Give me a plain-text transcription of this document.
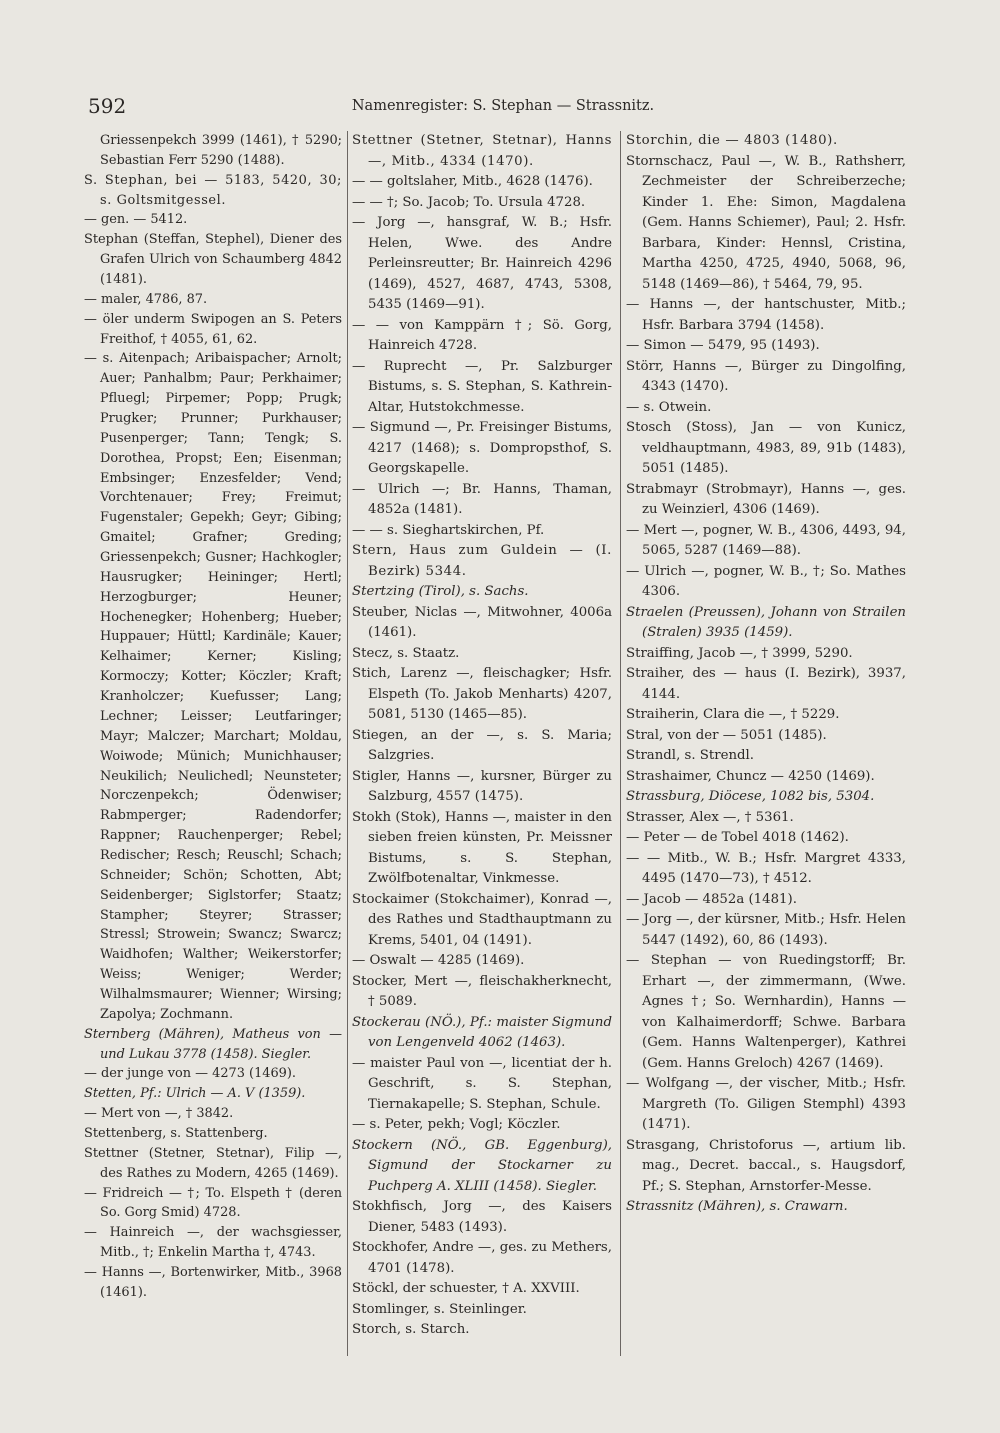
592	Namenregister: S. Stephan — Strassnitz.

Griessenpekch 3999 (1461), † 5290; Sebastian Ferr 5290 (1488).

S. Stephan, bei — 5183, 5420, 30; s. Goltsmitgessel.

— gen. — 5412.

Stephan (Steffan, Stephel), Diener des Grafen Ulrich von Schaumberg 4842 (1481).

— maler, 4786, 87.

— öler underm Swipogen an S. Peters Freithof, † 4055, 61, 62.

— s. Aitenpach; Aribaispacher; Arnolt; Auer; Panhalbm; Paur; Perkhaimer; Pfluegl; Pirpemer; Popp; Prugk; Prugker; Prunner; Purkhauser; Pusenperger; Tann; Tengk; S. Dorothea, Propst; Een; Eisenman; Embsinger; Enzesfelder; Vend; Vorchtenauer; Frey; Freimut; Fugenstaler; Gepekh; Geyr; Gibing; Gmaitel; Grafner; Greding; Griessenpekch; Gusner; Hachkogler; Hausrugker; Heininger; Hertl; Herzogburger; Heuner; Hochenegker; Hohenberg; Hueber; Huppauer; Hüttl; Kardinäle; Kauer; Kelhaimer; Kerner; Kisling; Kormoczy; Kotter; Köczler; Kraft; Kranholczer; Kuefusser; Lang; Lechner; Leisser; Leutfaringer; Mayr; Malczer; Marchart; Moldau, Woiwode; Münich; Munichhauser; Neukilich; Neulichedl; Neunsteter; Norczenpekch; Ödenwiser; Rabmperger; Radendorfer; Rappner; Rauchenperger; Rebel; Redischer; Resch; Reuschl; Schach; Schneider; Schön; Schotten, Abt; Seidenberger; Siglstorfer; Staatz; Stampher; Steyrer; Strasser; Stressl; Strowein; Swancz; Swarcz; Waidhofen; Walther; Weikerstorfer; Weiss; Weniger; Werder; Wilhalmsmaurer; Wienner; Wirsing; Zapolya; Zochmann.

Sternberg (Mähren), Matheus von — und Lukau 3778 (1458). Siegler.

— der junge von — 4273 (1469).

Stetten, Pf.: Ulrich — A. V (1359).

— Mert von —, † 3842.

Stettenberg, s. Stattenberg.

Stettner (Stetner, Stetnar), Filip —, des Rathes zu Modern, 4265 (1469).

— Fridreich — †; To. Elspeth † (deren So. Gorg Smid) 4728.

— Hainreich —, der wachsgiesser, Mitb., †; Enkelin Martha †, 4743.

— Hanns —, Bortenwirker, Mitb., 3968 (1461).

Stettner (Stetner, Stetnar), Hanns —, Mitb., 4334 (1470).

— — goltslaher, Mitb., 4628 (1476).

— — †; So. Jacob; To. Ursula 4728.

— Jorg —, hansgraf, W. B.; Hsfr. Helen, Wwe. des Andre Perleinsreutter; Br. Hainreich 4296 (1469), 4527, 4687, 4743, 5308, 5435 (1469—91).

— — von Kamppärn †; Sö. Gorg, Hainreich 4728.

— Ruprecht —, Pr. Salzburger Bistums, s. S. Stephan, S. Kathrein-Altar, Hutstokchmesse.

— Sigmund —, Pr. Freisinger Bistums, 4217 (1468); s. Dompropsthof, S. Georgskapelle.

— Ulrich —; Br. Hanns, Thaman, 4852a (1481).

— — s. Sieghartskirchen, Pf.

Stern, Haus zum Guldein — (I. Bezirk) 5344.

Stertzing (Tirol), s. Sachs.

Steuber, Niclas —, Mitwohner, 4006a (1461).

Stecz, s. Staatz.

Stich, Larenz —, fleischagker; Hsfr. Elspeth (To. Jakob Menharts) 4207, 5081, 5130 (1465—85).

Stiegen, an der —, s. S. Maria; Salzgries.

Stigler, Hanns —, kursner, Bürger zu Salzburg, 4557 (1475).

Stokh (Stok), Hanns —, maister in den sieben freien künsten, Pr. Meissner Bistums, s. S. Stephan, Zwölfbotenaltar, Vinkmesse.

Stockaimer (Stokchaimer), Konrad —, des Rathes und Stadthauptmann zu Krems, 5401, 04 (1491).

— Oswalt — 4285 (1469).

Stocker, Mert —, fleischakherknecht, † 5089.

Stockerau (NÖ.), Pf.: maister Sigmund von Lengenveld 4062 (1463).

— maister Paul von —, licentiat der h. Geschrift, s. S. Stephan, Tiernakapelle; S. Stephan, Schule.

— s. Peter, pekh; Vogl; Köczler.

Stockern (NÖ., GB. Eggenburg), Sigmund der Stockarner zu Puchperg A. XLIII (1458). Siegler.

Stokhfisch, Jorg —, des Kaisers Diener, 5483 (1493).

Stockhofer, Andre —, ges. zu Methers, 4701 (1478).

Stöckl, der schuester, † A. XXVIII.

Stomlinger, s. Steinlinger.

Storch, s. Starch.

Storchin, die — 4803 (1480).

Stornschacz, Paul —, W. B., Rathsherr, Zechmeister der Schreiberzeche; Kinder 1. Ehe: Simon, Magdalena (Gem. Hanns Schiemer), Paul; 2. Hsfr. Barbara, Kinder: Hennsl, Cristina, Martha 4250, 4725, 4940, 5068, 96, 5148 (1469—86), † 5464, 79, 95.

— Hanns —, der hantschuster, Mitb.; Hsfr. Barbara 3794 (1458).

— Simon — 5479, 95 (1493).

Störr, Hanns —, Bürger zu Dingolfing, 4343 (1470).

— s. Otwein.

Stosch (Stoss), Jan — von Kunicz, veldhauptmann, 4983, 89, 91b (1483), 5051 (1485).

Strabmayr (Strobmayr), Hanns —, ges. zu Weinzierl, 4306 (1469).

— Mert —, pogner, W. B., 4306, 4493, 94, 5065, 5287 (1469—88).

— Ulrich —, pogner, W. B., †; So. Mathes 4306.

Straelen (Preussen), Johann von Strailen (Stralen) 3935 (1459).

Straiffing, Jacob —, † 3999, 5290.

Straiher, des — haus (I. Bezirk), 3937, 4144.

Straiherin, Clara die —, † 5229.

Stral, von der — 5051 (1485).

Strandl, s. Strendl.

Strashaimer, Chuncz — 4250 (1469).

Strassburg, Diöcese, 1082 bis, 5304.

Strasser, Alex —, † 5361.

— Peter — de Tobel 4018 (1462).

— — Mitb., W. B.; Hsfr. Margret 4333, 4495 (1470—73), † 4512.

— Jacob — 4852a (1481).

— Jorg —, der kürsner, Mitb.; Hsfr. Helen 5447 (1492), 60, 86 (1493).

— Stephan — von Ruedingstorff; Br. Erhart —, der zimmermann, (Wwe. Agnes †; So. Wernhardin), Hanns — von Kalhaimerdorff; Schwe. Barbara (Gem. Hanns Waltenperger), Kathrei (Gem. Hanns Greloch) 4267 (1469).

— Wolfgang —, der vischer, Mitb.; Hsfr. Margreth (To. Giligen Stemphl) 4393 (1471).

Strasgang, Christoforus —, artium lib. mag., Decret. baccal., s. Haugsdorf, Pf.; S. Stephan, Arnstorfer-Messe.

Strassnitz (Mähren), s. Crawarn.
